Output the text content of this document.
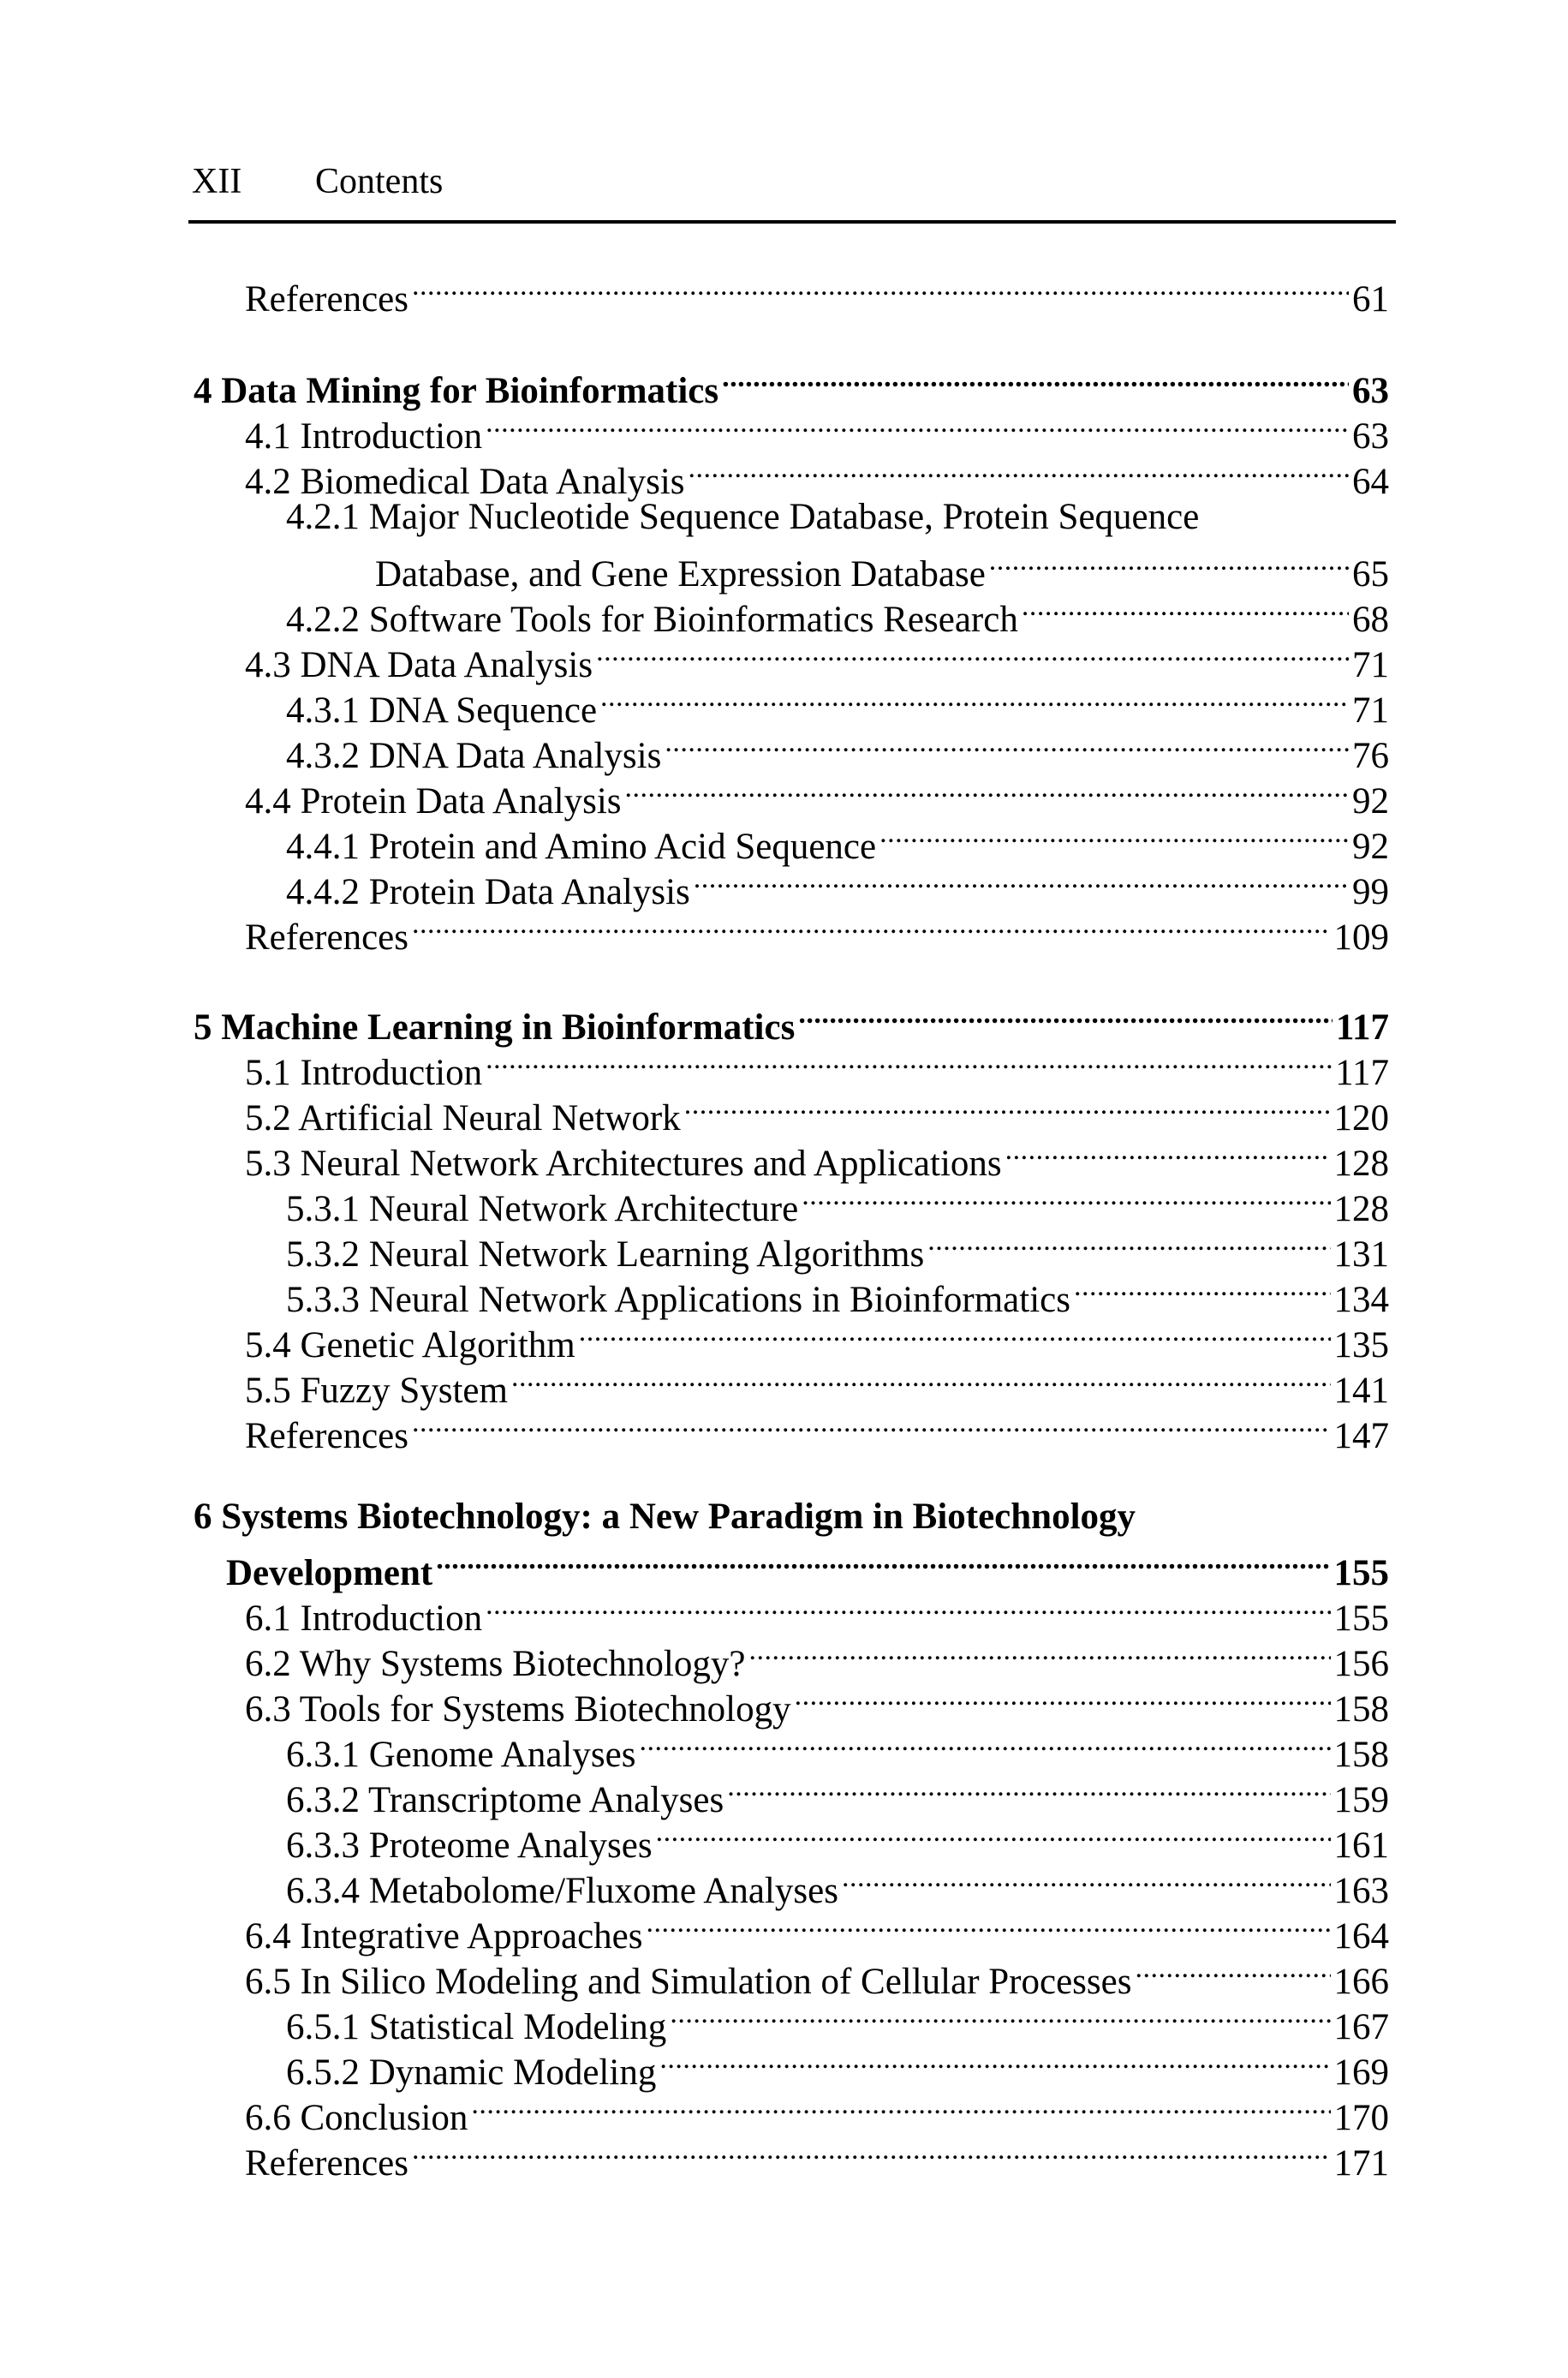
XII Contents
References . . .	61
4 Data Mining for Bioinformatics . . .	63
4.1 Introduction . . .	63
4.2 Biomedical Data Analysis . . .	64
4.2.1 Major Nucleotide Sequence Database, Protein Sequence
Database, and Gene Expression Database . . .	65
4.2.2 Software Tools for Bioinformatics Research . . .	68
4.3 DNA Data Analysis . . .	71
4.3.1 DNA Sequence . . .	71
4.3.2 DNA Data Analysis . . .	76
4.4 Protein Data Analysis . . .	92
4.4.1 Protein and Amino Acid Sequence . . .	92
4.4.2 Protein Data Analysis . . .	99
References . . .	109
5 Machine Learning in Bioinformatics . . .	117
5.1 Introduction . . .	117
5.2 Artificial Neural Network . . .	120
5.3 Neural Network Architectures and Applications . . .	128
5.3.1 Neural Network Architecture . . .	128
5.3.2 Neural Network Learning Algorithms . . .	131
5.3.3 Neural Network Applications in Bioinformatics . . .	134
5.4 Genetic Algorithm . . .	135
5.5 Fuzzy System . . .	141
References . . .	147
6 Systems Biotechnology: a New Paradigm in Biotechnology
Development . . .	155
6.1 Introduction . . .	155
6.2 Why Systems Biotechnology? . . .	156
6.3 Tools for Systems Biotechnology . . .	158
6.3.1 Genome Analyses . . .	158
6.3.2 Transcriptome Analyses . . .	159
6.3.3 Proteome Analyses . . .	161
6.3.4 Metabolome/Fluxome Analyses . . .	163
6.4 Integrative Approaches . . .	164
6.5 In Silico Modeling and Simulation of Cellular Processes . . .	166
6.5.1 Statistical Modeling . . .	167
6.5.2 Dynamic Modeling . . .	169
6.6 Conclusion . . .	170
References . . .	171
